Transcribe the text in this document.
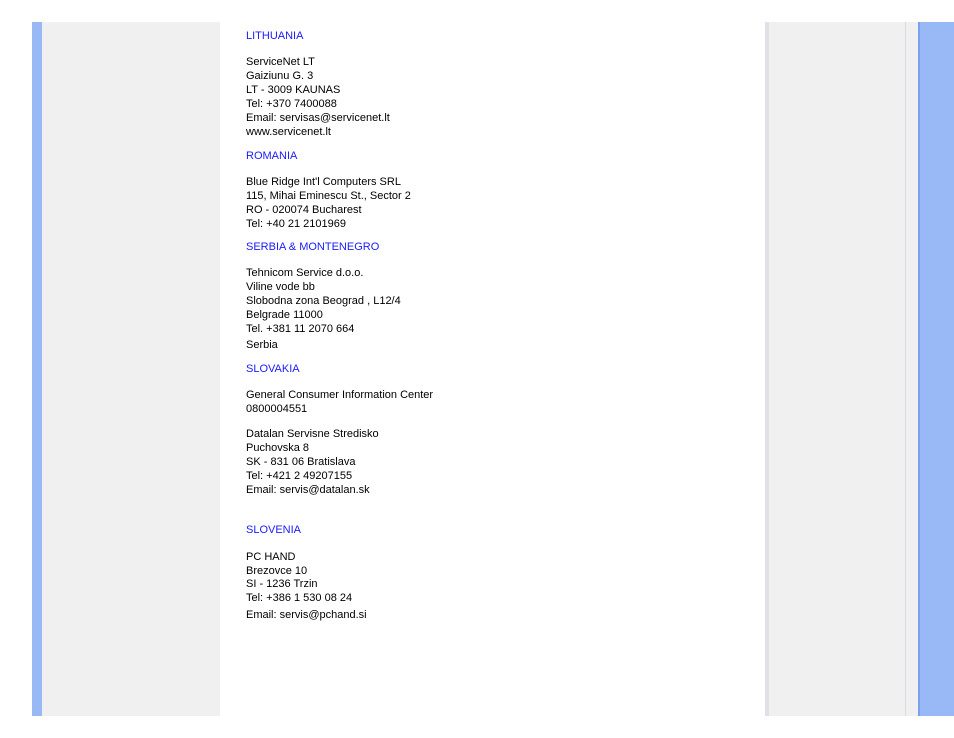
LITHUANIA
ServiceNet LT
Gaiziunu G. 3
LT - 3009 KAUNAS
Tel: +370 7400088
Email: servisas@servicenet.lt
www.servicenet.lt
ROMANIA
Blue Ridge Int'l Computers SRL
115, Mihai Eminescu St., Sector 2
RO - 020074 Bucharest
Tel: +40 21 2101969
SERBIA & MONTENEGRO
Tehnicom Service d.o.o.
Viline vode bb
Slobodna zona Beograd , L12/4
Belgrade 11000
Tel. +381 11 2070 664
Serbia
SLOVAKIA
General Consumer Information Center
0800004551
Datalan Servisne Stredisko
Puchovska 8
SK - 831 06 Bratislava
Tel: +421 2 49207155
Email: servis@datalan.sk
SLOVENIA
PC HAND
Brezovce 10
SI - 1236 Trzin
Tel: +386 1 530 08 24
Email: servis@pchand.si
